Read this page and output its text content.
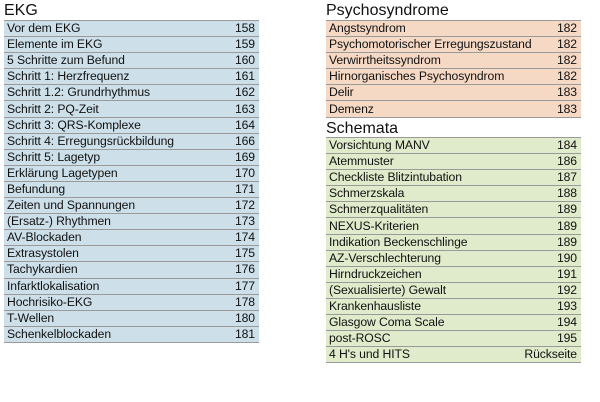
EKG
Vor dem EKG	158
Elemente im EKG	159
5 Schritte zum Befund	160
Schritt 1: Herzfrequenz	161
Schritt 1.2: Grundrhythmus	162
Schritt 2: PQ-Zeit	163
Schritt 3: QRS-Komplexe	164
Schritt 4: Erregungsrückbildung	166
Schritt 5: Lagetyp	169
Erklärung Lagetypen	170
Befundung	171
Zeiten und Spannungen	172
(Ersatz-) Rhythmen	173
AV-Blockaden	174
Extrasystolen	175
Tachykardien	176
Infarktlokalisation	177
Hochrisiko-EKG	178
T-Wellen	180
Schenkelblockaden	181
Psychosyndrome
Angstsyndrom	182
Psychomotorischer Erregungszustand	182
Verwirrtheitssyndrom	182
Hirnorganisches Psychosyndrom	182
Delir	183
Demenz	183
Schemata
Vorsichtung MANV	184
Atemmuster	186
Checkliste Blitzintubation	187
Schmerzskala	188
Schmerzqualitäten	189
NEXUS-Kriterien	189
Indikation Beckenschlinge	189
AZ-Verschlechterung	190
Hirndruckzeichen	191
(Sexualisierte) Gewalt	192
Krankenhausliste	193
Glasgow Coma Scale	194
post-ROSC	195
4 H's und HITS	Rückseite
